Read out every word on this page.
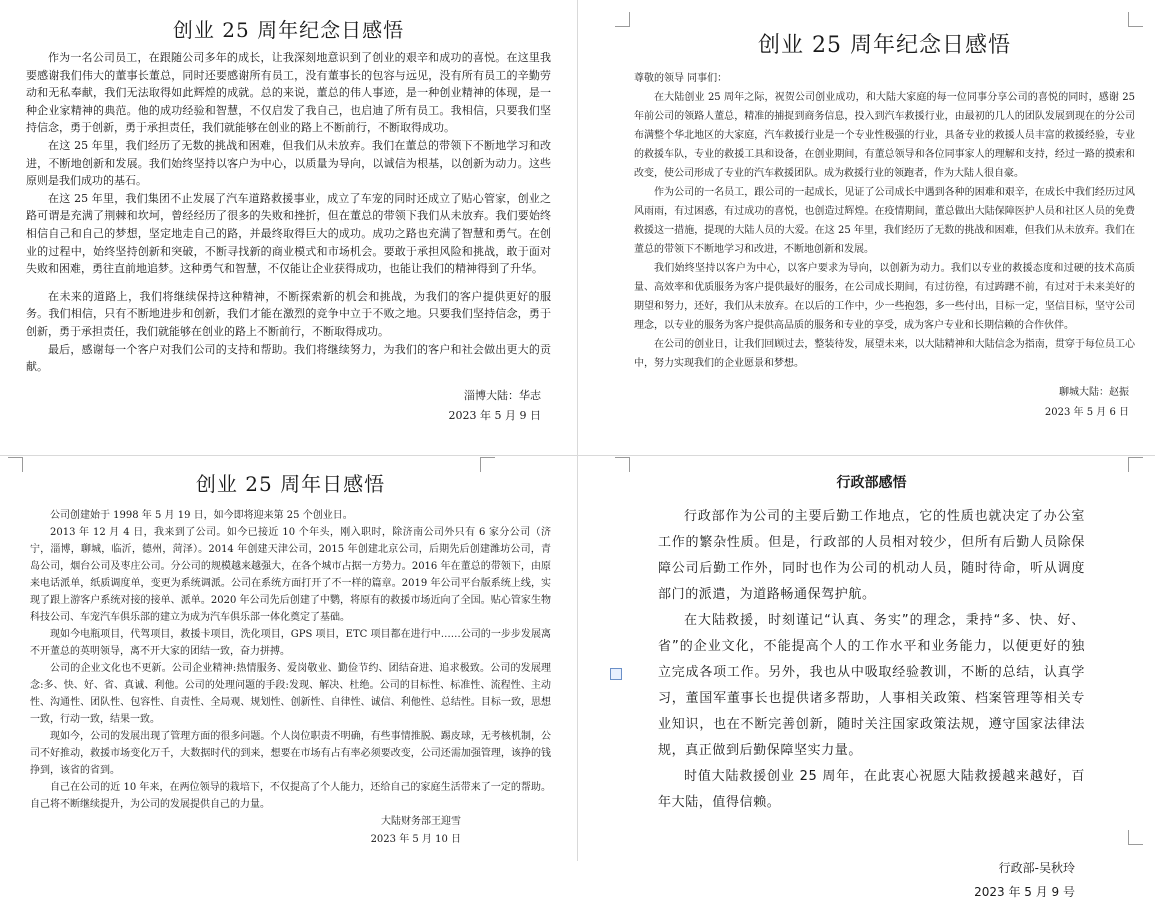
创业 25 周年纪念日感悟

作为一名公司员工，在跟随公司多年的成长，让我深刻地意识到了创业的艰辛和成功的喜悦。在这里我要感谢我们伟大的董事长董总，同时还要感谢所有员工，没有董事长的包容与远见，没有所有员工的辛勤劳动和无私奉献，我们无法取得如此辉煌的成就。总的来说，董总的伟人事迹，是一种创业精神的体现，是一种企业家精神的典范。他的成功经验和智慧，不仅启发了我自己，也启迪了所有员工。我相信，只要我们坚持信念，勇于创新，勇于承担责任，我们就能够在创业的路上不断前行，不断取得成功。

在这 25 年里，我们经历了无数的挑战和困难，但我们从未放弃。我们在董总的带领下不断地学习和改进，不断地创新和发展。我们始终坚持以客户为中心，以质量为导向，以诚信为根基，以创新为动力。这些原则是我们成功的基石。

在这 25 年里，我们集团不止发展了汽车道路救援事业，成立了车宠的同时还成立了贴心管家，创业之路可谓是充满了荆棘和坎坷，曾经经历了很多的失败和挫折，但在董总的带领下我们从未放弃。我们要始终相信自己和自己的梦想，坚定地走自己的路，并最终取得巨大的成功。成功之路也充满了智慧和勇气。在创业的过程中，始终坚持创新和突破，不断寻找新的商业模式和市场机会。要敢于承担风险和挑战，敢于面对失败和困难，勇往直前地追梦。这种勇气和智慧，不仅能让企业获得成功，也能让我们的精神得到了升华。

在未来的道路上，我们将继续保持这种精神，不断探索新的机会和挑战，为我们的客户提供更好的服务。我们相信，只有不断地进步和创新，我们才能在激烈的竞争中立于不败之地。只要我们坚持信念，勇于创新，勇于承担责任，我们就能够在创业的路上不断前行，不断取得成功。

最后，感谢每一个客户对我们公司的支持和帮助。我们将继续努力，为我们的客户和社会做出更大的贡献。

淄博大陆：华志

2023 年 5 月 9 日

创业 25 周年纪念日感悟

尊敬的领导 同事们：

在大陆创业 25 周年之际，祝贺公司创业成功，和大陆大家庭的每一位同事分享公司的喜悦的同时，感谢 25 年前公司的领路人董总，精准的捕捉到商务信息，投入到汽车救援行业，由最初的几人的团队发展到现在的分公司布满整个华北地区的大家庭，汽车救援行业是一个专业性极强的行业，具备专业的救援人员丰富的救援经验，专业的救援车队，专业的救援工具和设备，在创业期间，有董总领导和各位同事家人的理解和支持，经过一路的摸索和改变，使公司形成了专业的汽车救援团队。成为救援行业的领跑者，作为大陆人很自豪。

作为公司的一名员工，跟公司的一起成长，见证了公司成长中遇到各种的困难和艰辛，在成长中我们经历过风风雨雨，有过困惑，有过成功的喜悦，也创造过辉煌。在疫情期间，董总做出大陆保障医护人员和社区人员的免费救援这一措施，提现的大陆人员的大爱。在这 25 年里，我们经历了无数的挑战和困难，但我们从未放弃。我们在董总的带领下不断地学习和改进，不断地创新和发展。

我们始终坚持以客户为中心，以客户要求为导向，以创新为动力。我们以专业的救援态度和过硬的技术高质量、高效率和优质服务为客户提供最好的服务，在公司成长期间，有过彷徨，有过踌躇不前，有过对于未来美好的期望和努力，还好，我们从未放弃。在以后的工作中，少一些抱怨，多一些付出，目标一定，坚信目标，坚守公司理念，以专业的服务为客户提供高品质的服务和专业的享受，成为客户专业和长期信赖的合作伙伴。

在公司的创业日，让我们回顾过去，整装待发，展望未来，以大陆精神和大陆信念为指南，贯穿于每位员工心中，努力实现我们的企业愿景和梦想。

聊城大陆：赵振

2023 年 5 月 6 日

创业 25 周年日感悟

公司创建始于 1998 年 5 月 19 日，如今即将迎来第 25 个创业日。

2013 年 12 月 4 日，我来到了公司。如今已接近 10 个年头，刚入职时，除济南公司外只有 6 家分公司（济宁，淄博，聊城，临沂，德州，菏泽）。2014 年创建天津公司，2015 年创建北京公司，后期先后创建潍坊公司，青岛公司，烟台公司及枣庄公司。分公司的规模越来越强大，在各个城市占据一方势力。2016 年在董总的带领下，由原来电话派单，纸质调度单，变更为系统调派。公司在系统方面打开了不一样的篇章。2019 年公司平台版系统上线，实现了跟上游客户系统对接的接单、派单。2020 年公司先后创建了中鹦，将原有的救援市场近向了全国。贴心管家生物科技公司、车宠汽车俱乐部的建立为成为汽车俱乐部一体化奠定了基础。

现如今电瓶项目，代驾项目，救援卡项目，洗化项目，GPS 项目，ETC 项目都在进行中……公司的一步步发展离不开董总的英明领导，离不开大家的团结一致，奋力拼搏。

公司的企业文化也不更新。公司企业精神:热情服务、爱岗敬业、勤俭节约、团结奋进、追求极致。公司的发展理念:多、快、好、省、真诚、利他。公司的处理问题的手段:发现、解决、杜绝。公司的目标性、标准性、流程性、主动性、沟通性、团队性、包容性、自责性、全局观、规划性、创新性、自律性、诚信、利他性、总结性。目标一致，思想一致，行动一致，结果一致。

现如今，公司的发展出现了管理方面的很多问题。个人岗位职责不明确，有些事情推脱、踢皮球，无考核机制，公司不好推动，救援市场变化万千，大数据时代的到来，想要在市场有占有率必须要改变，公司还需加强管理，该挣的钱挣到，该省的省到。

自己在公司的近 10 年来，在两位领导的栽培下，不仅提高了个人能力，还给自己的家庭生活带来了一定的帮助。自己将不断继续提升，为公司的发展提供自己的力量。

大陆财务部王迎雪

2023 年 5 月 10 日

行政部感悟

行政部作为公司的主要后勤工作地点，它的性质也就决定了办公室工作的繁杂性质。但是，行政部的人员相对较少，但所有后勤人员除保障公司后勤工作外，同时也作为公司的机动人员，随时待命，听从调度部门的派遣，为道路畅通保驾护航。

在大陆救援，时刻谨记“认真、务实”的理念，秉持“多、快、好、省”的企业文化，不能提高个人的工作水平和业务能力，以便更好的独立完成各项工作。另外，我也从中吸取经验教训，不断的总结，认真学习，董国军董事长也提供诸多帮助，人事相关政策、档案管理等相关专业知识，也在不断完善创新，随时关注国家政策法规，遵守国家法律法规，真正做到后勤保障坚实力量。

时值大陆救援创业 25 周年，在此衷心祝愿大陆救援越来越好，百年大陆，值得信赖。

行政部-吴秋玲

2023 年 5 月 9 号
